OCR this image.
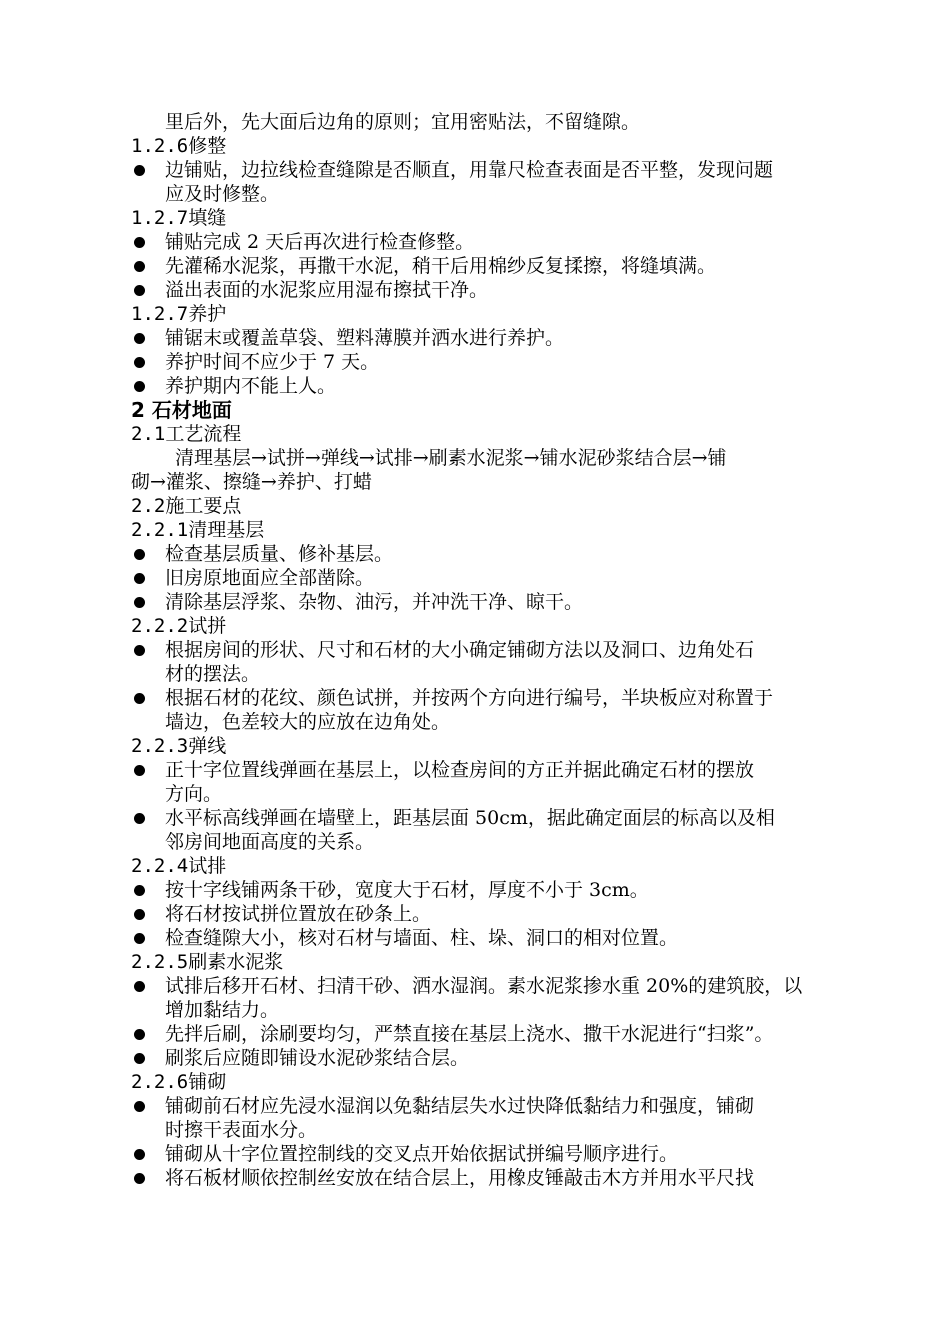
里后外，先大面后边角的原则；宜用密贴法，不留缝隙。
1.2.6修整
边铺贴，边拉线检查缝隙是否顺直，用靠尺检查表面是否平整，发现问题
应及时修整。
1.2.7填缝
铺贴完成 2 天后再次进行检查修整。
先灌稀水泥浆，再撒干水泥，稍干后用棉纱反复揉擦，将缝填满。
溢出表面的水泥浆应用湿布擦拭干净。
1.2.7养护
铺锯末或覆盖草袋、塑料薄膜并洒水进行养护。
养护时间不应少于 7 天。
养护期内不能上人。
2 石材地面
2.1工艺流程
清理基层→试拼→弹线→试排→刷素水泥浆→铺水泥砂浆结合层→铺
砌→灌浆、擦缝→养护、打蜡
2.2施工要点
2.2.1清理基层
检查基层质量、修补基层。
旧房原地面应全部凿除。
清除基层浮浆、杂物、油污，并冲洗干净、晾干。
2.2.2试拼
根据房间的形状、尺寸和石材的大小确定铺砌方法以及洞口、边角处石
材的摆法。
根据石材的花纹、颜色试拼，并按两个方向进行编号，半块板应对称置于
墙边，色差较大的应放在边角处。
2.2.3弹线
正十字位置线弹画在基层上，以检查房间的方正并据此确定石材的摆放
方向。
水平标高线弹画在墙壁上，距基层面 50cm，据此确定面层的标高以及相
邻房间地面高度的关系。
2.2.4试排
按十字线铺两条干砂，宽度大于石材，厚度不小于 3cm。
将石材按试拼位置放在砂条上。
检查缝隙大小，核对石材与墙面、柱、垛、洞口的相对位置。
2.2.5刷素水泥浆
试排后移开石材、扫清干砂、洒水湿润。素水泥浆掺水重 20%的建筑胶，以
增加黏结力。
先拌后刷，涂刷要均匀，严禁直接在基层上浇水、撒干水泥进行“扫浆”。
刷浆后应随即铺设水泥砂浆结合层。
2.2.6铺砌
铺砌前石材应先浸水湿润以免黏结层失水过快降低黏结力和强度，铺砌
时擦干表面水分。
铺砌从十字位置控制线的交叉点开始依据试拼编号顺序进行。
将石板材顺依控制丝安放在结合层上，用橡皮锤敲击木方并用水平尺找
